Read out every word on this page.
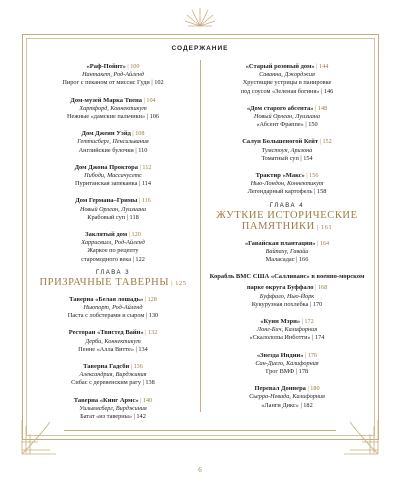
СОДЕРЖАНИЕ
«Раф-Пойнт» | 100
Нантакет, Род-Айленд
Пирог с пеканом от миссис Гуди | 102
Дом-музей Марка Твена | 104
Хартфорд, Коннектикут
Нежные «дамские пальчики» | 106
Дом Джеин Уэйд | 108
Геттисберг, Пенсильвания
Английские булочки | 110
Дом Джона Проктора | 112
Пибоди, Массачусетс
Пуританская запеканка | 114
Дом Германа–Гримы | 116
Новый Орлеан, Луизиана
Крабовый суп | 118
Заклятый дом | 120
Харрисвилл, Род-Айленд
Жаркое по рецепту
старомодного века | 122
ГЛАВА 3
ПРИЗРАЧНЫЕ ТАВЕРНЫ | 125
Таверна «Белая лошадь» | 128
Ньюпорт, Род-Айленд
Паста с лобстерами и сыром | 130
Ресторан «Твистед Вайн» | 132
Дерби, Коннектикут
Пенне «Алла Витте» | 134
Таверна Гадсби | 136
Александрия, Вирджиния
Сибас с деревенским рагу | 138
Таверна «Кинг Армс» | 140
Уильямсберг, Вирджиния
Батат «из таверны» | 142
«Старый розовый дом» | 144
Саванна, Джорджия
Хрустящие устрицы в панировке
под соусом «Зеленая богиня» | 146
«Дом старого абсента» | 148
Новый Орлеан, Луизиана
«Абсент Фраппе» | 150
Салун Большеногой Кейт | 152
Тумстоун, Аризона
Томатный суп | 154
Трактир «Макс» | 156
Нью-Лондон, Коннектикут
Легендарный картофель | 158
ГЛАВА 4
ЖУТКИЕ ИСТОРИЧЕСКИЕ ПАМЯТНИКИ | 161
«Гавайская плантация» | 164
Вайпаху, Гавайи
Маласадас | 166
Корабль ВМС США «Салливанс» в военно-морском парке округа Буффало | 168
Буффало, Нью-Йорк
Кукурузная похлебка | 170
«Куин Мэри» | 172
Лонг-Бич, Калифорния
«Скалолопы Инботти» | 174
«Звезда Индии» | 176
Сан-Диего, Калифорния
Грог ВМФ | 178
Перевал Доннера | 180
Сьерра-Невада, Калифорния
«Ланги Дикс» | 182
6
